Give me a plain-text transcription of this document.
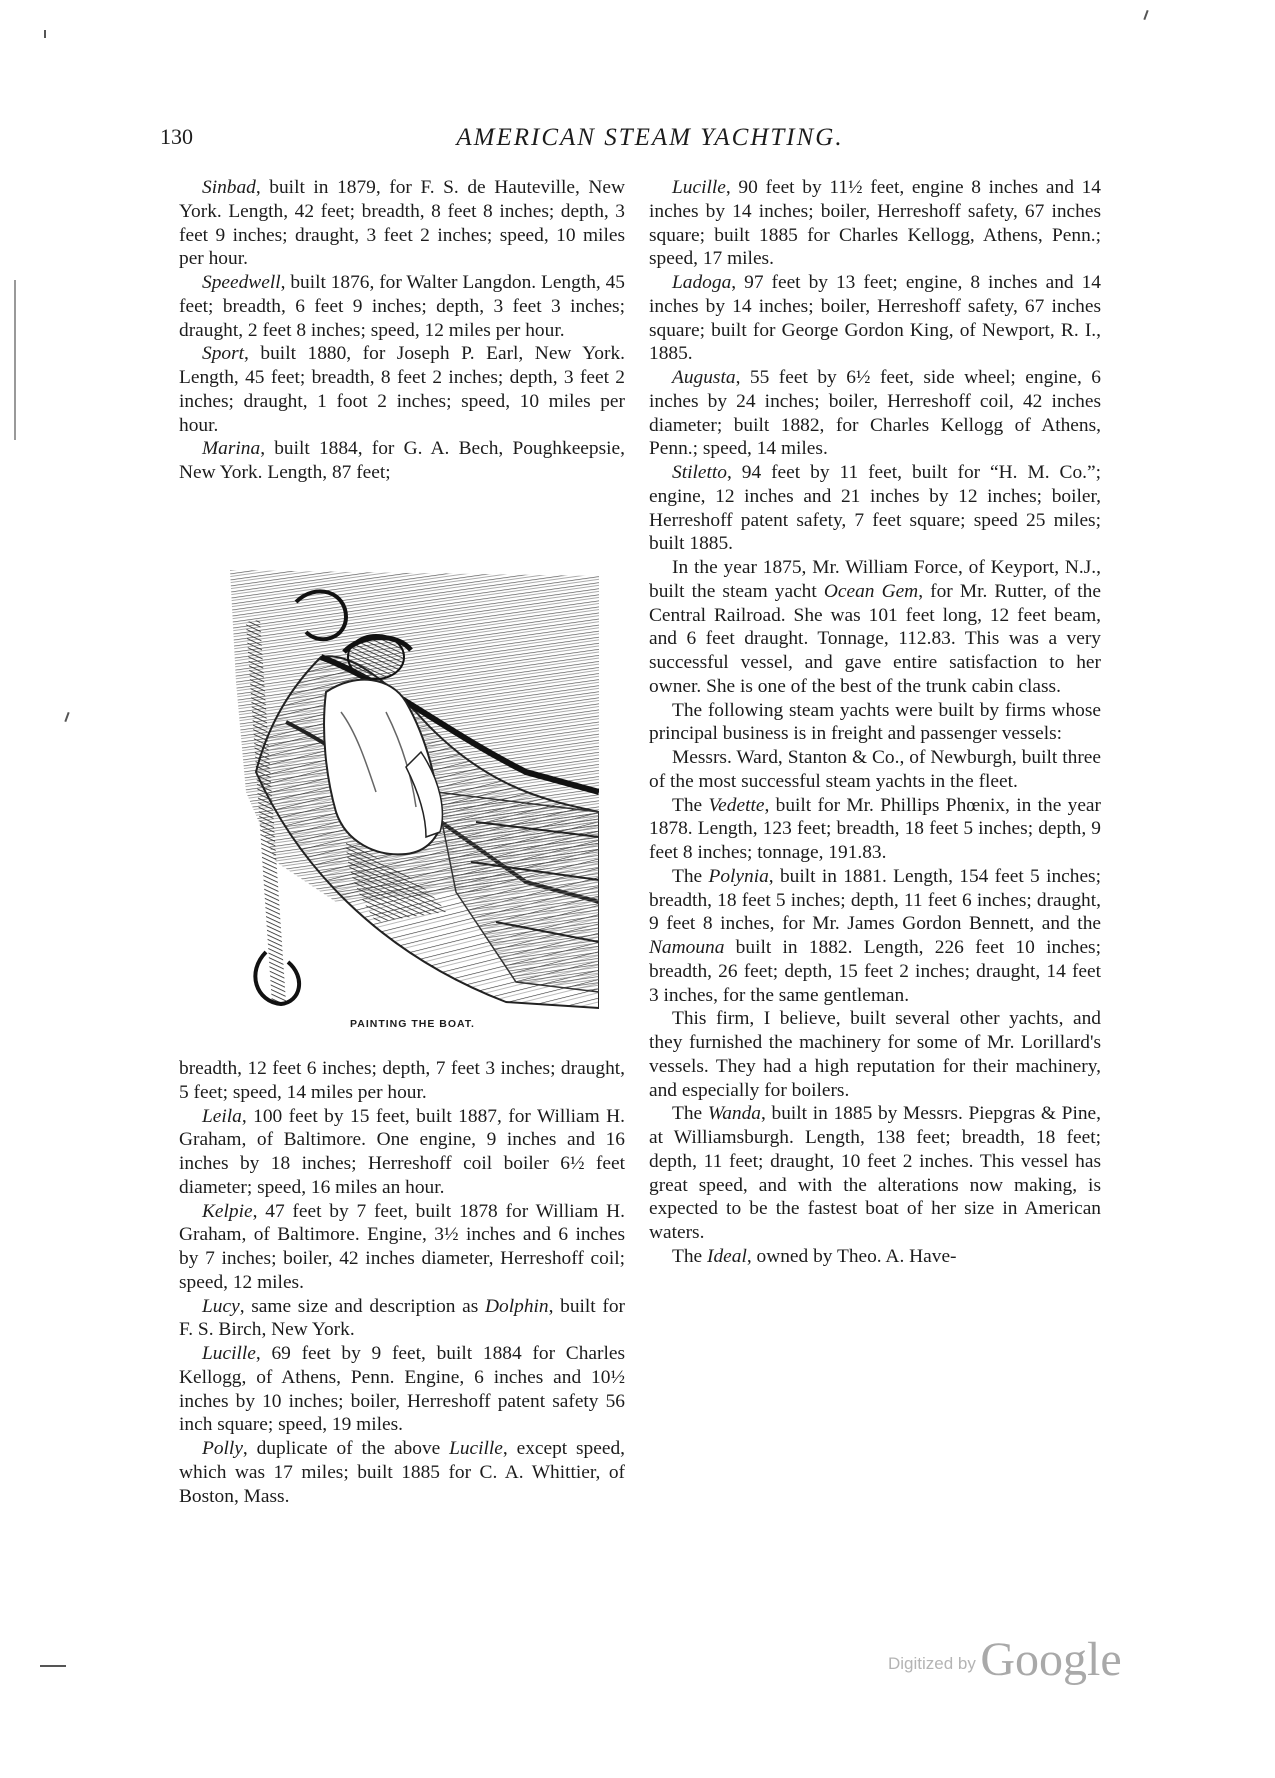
130	AMERICAN STEAM YACHTING.

Sinbad, built in 1879, for F. S. de Hauteville, New York. Length, 42 feet; breadth, 8 feet 8 inches; depth, 3 feet 9 inches; draught, 3 feet 2 inches; speed, 10 miles per hour.

Speedwell, built 1876, for Walter Langdon. Length, 45 feet; breadth, 6 feet 9 inches; depth, 3 feet 3 inches; draught, 2 feet 8 inches; speed, 12 miles per hour.

Sport, built 1880, for Joseph P. Earl, New York. Length, 45 feet; breadth, 8 feet 2 inches; depth, 3 feet 2 inches; draught, 1 foot 2 inches; speed, 10 miles per hour.

Marina, built 1884, for G. A. Bech, Poughkeepsie, New York. Length, 87 feet;

PAINTING THE BOAT.

breadth, 12 feet 6 inches; depth, 7 feet 3 inches; draught, 5 feet; speed, 14 miles per hour.

Leila, 100 feet by 15 feet, built 1887, for William H. Graham, of Baltimore. One engine, 9 inches and 16 inches by 18 inches; Herreshoff coil boiler 6½ feet diameter; speed, 16 miles an hour.

Kelpie, 47 feet by 7 feet, built 1878 for William H. Graham, of Baltimore. Engine, 3½ inches and 6 inches by 7 inches; boiler, 42 inches diameter, Herreshoff coil; speed, 12 miles.

Lucy, same size and description as Dolphin, built for F. S. Birch, New York.

Lucille, 69 feet by 9 feet, built 1884 for Charles Kellogg, of Athens, Penn. Engine, 6 inches and 10½ inches by 10 inches; boiler, Herreshoff patent safety 56 inch square; speed, 19 miles.

Polly, duplicate of the above Lucille, except speed, which was 17 miles; built 1885 for C. A. Whittier, of Boston, Mass.

Lucille, 90 feet by 11½ feet, engine 8 inches and 14 inches by 14 inches; boiler, Herreshoff safety, 67 inches square; built 1885 for Charles Kellogg, Athens, Penn.; speed, 17 miles.

Ladoga, 97 feet by 13 feet; engine, 8 inches and 14 inches by 14 inches; boiler, Herreshoff safety, 67 inches square; built for George Gordon King, of Newport, R. I., 1885.

Augusta, 55 feet by 6½ feet, side wheel; engine, 6 inches by 24 inches; boiler, Herreshoff coil, 42 inches diameter; built 1882, for Charles Kellogg of Athens, Penn.; speed, 14 miles.

Stiletto, 94 feet by 11 feet, built for “H. M. Co.”; engine, 12 inches and 21 inches by 12 inches; boiler, Herreshoff patent safety, 7 feet square; speed 25 miles; built 1885.

In the year 1875, Mr. William Force, of Keyport, N.J., built the steam yacht Ocean Gem, for Mr. Rutter, of the Central Railroad. She was 101 feet long, 12 feet beam, and 6 feet draught. Tonnage, 112.83. This was a very successful vessel, and gave entire satisfaction to her owner. She is one of the best of the trunk cabin class.

The following steam yachts were built by firms whose principal business is in freight and passenger vessels:

Messrs. Ward, Stanton & Co., of Newburgh, built three of the most successful steam yachts in the fleet.

The Vedette, built for Mr. Phillips Phœnix, in the year 1878. Length, 123 feet; breadth, 18 feet 5 inches; depth, 9 feet 8 inches; tonnage, 191.83.

The Polynia, built in 1881. Length, 154 feet 5 inches; breadth, 18 feet 5 inches; depth, 11 feet 6 inches; draught, 9 feet 8 inches, for Mr. James Gordon Bennett, and the Namouna built in 1882. Length, 226 feet 10 inches; breadth, 26 feet; depth, 15 feet 2 inches; draught, 14 feet 3 inches, for the same gentleman.

This firm, I believe, built several other yachts, and they furnished the machinery for some of Mr. Lorillard's vessels. They had a high reputation for their machinery, and especially for boilers.

The Wanda, built in 1885 by Messrs. Piepgras & Pine, at Williamsburgh. Length, 138 feet; breadth, 18 feet; depth, 11 feet; draught, 10 feet 2 inches. This vessel has great speed, and with the alterations now making, is expected to be the fastest boat of her size in American waters.

The Ideal, owned by Theo. A. Have-

Digitized by Google
